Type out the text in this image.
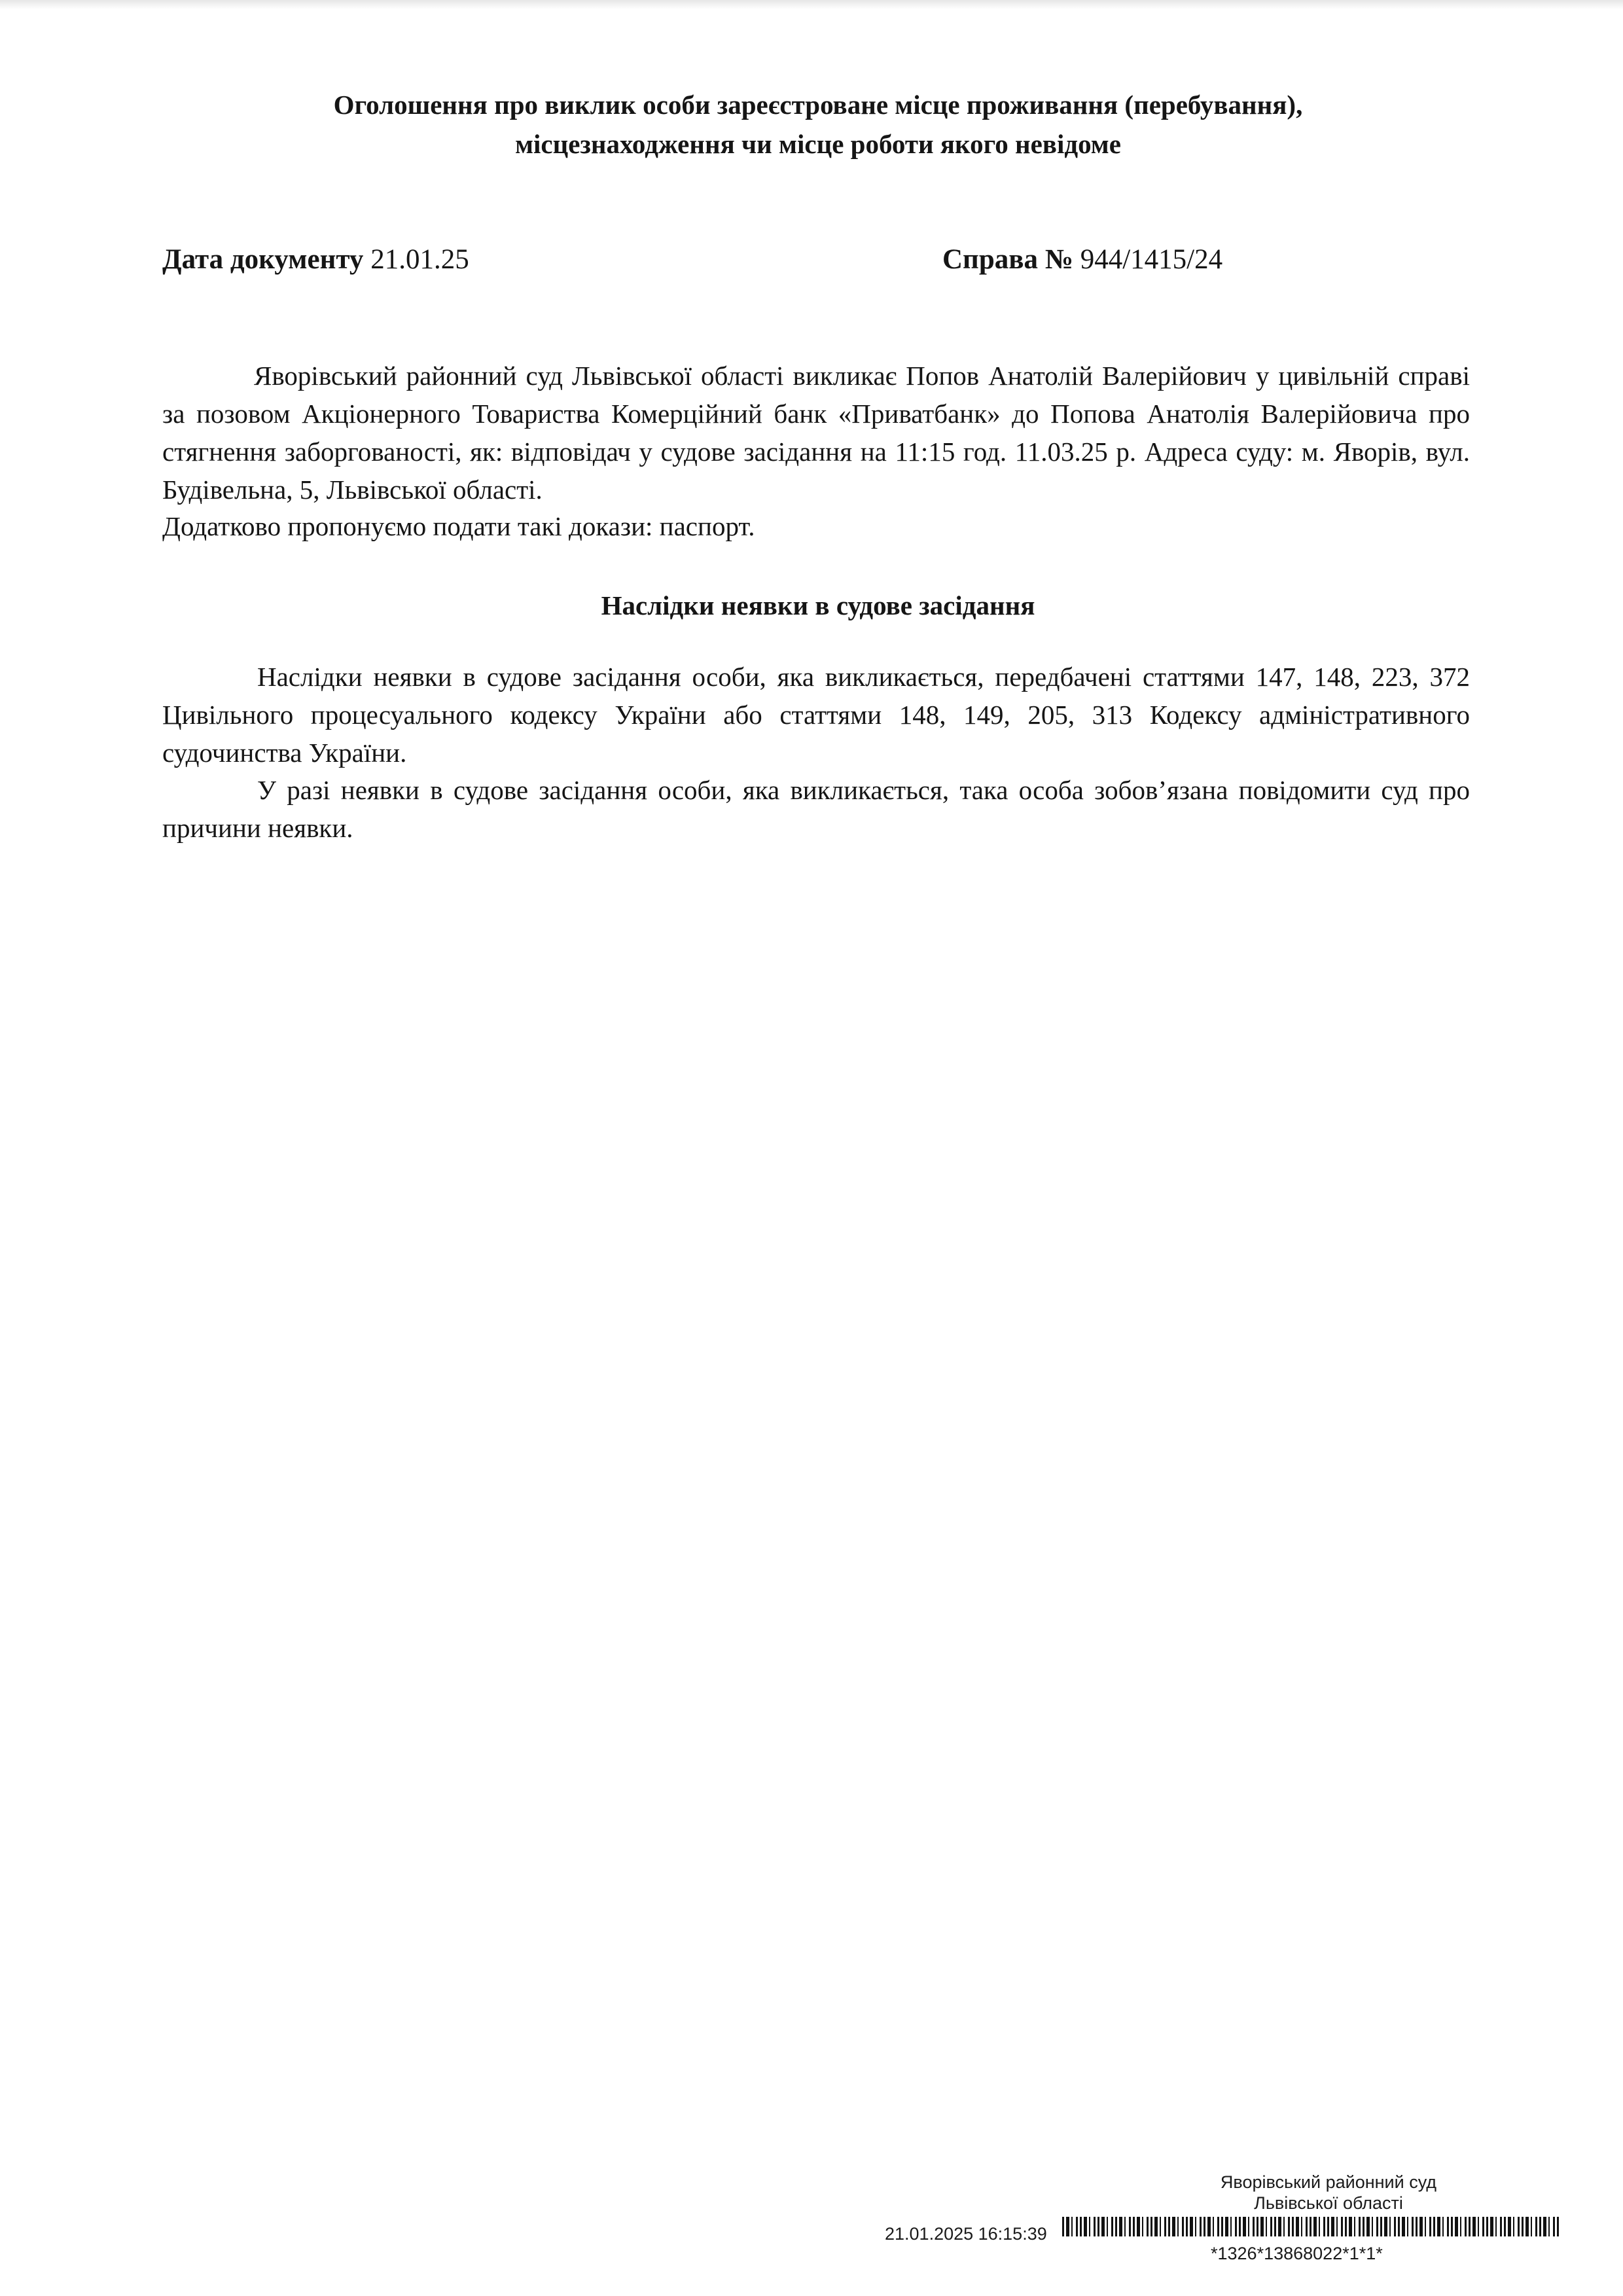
Оголошення про виклик особи зареєстроване місце проживання (перебування),
місцезнаходження чи місце роботи якого невідоме
Дата документу 21.01.25	Справа № 944/1415/24
Яворівський районний суд Львівської області викликає Попов Анатолій Валерійович у цивільній справі за позовом Акціонерного Товариства Комерційний банк «Приватбанк» до Попова Анатолія Валерійовича про стягнення заборгованості, як: відповідач у судове засідання на 11:15 год. 11.03.25 р. Адреса суду: м. Яворів, вул. Будівельна, 5, Львівської області.
Додатково пропонуємо подати такі докази: паспорт.
Наслідки неявки в судове засідання
Наслідки неявки в судове засідання особи, яка викликається, передбачені статтями 147, 148, 223, 372 Цивільного процесуального кодексу України або статтями 148, 149, 205, 313 Кодексу адміністративного судочинства України.
У разі неявки в судове засідання особи, яка викликається, така особа зобов’язана повідомити суд про причини неявки.
Яворівський районний суд
Львівської області
21.01.2025 16:15:39
*1326*13868022*1*1*
